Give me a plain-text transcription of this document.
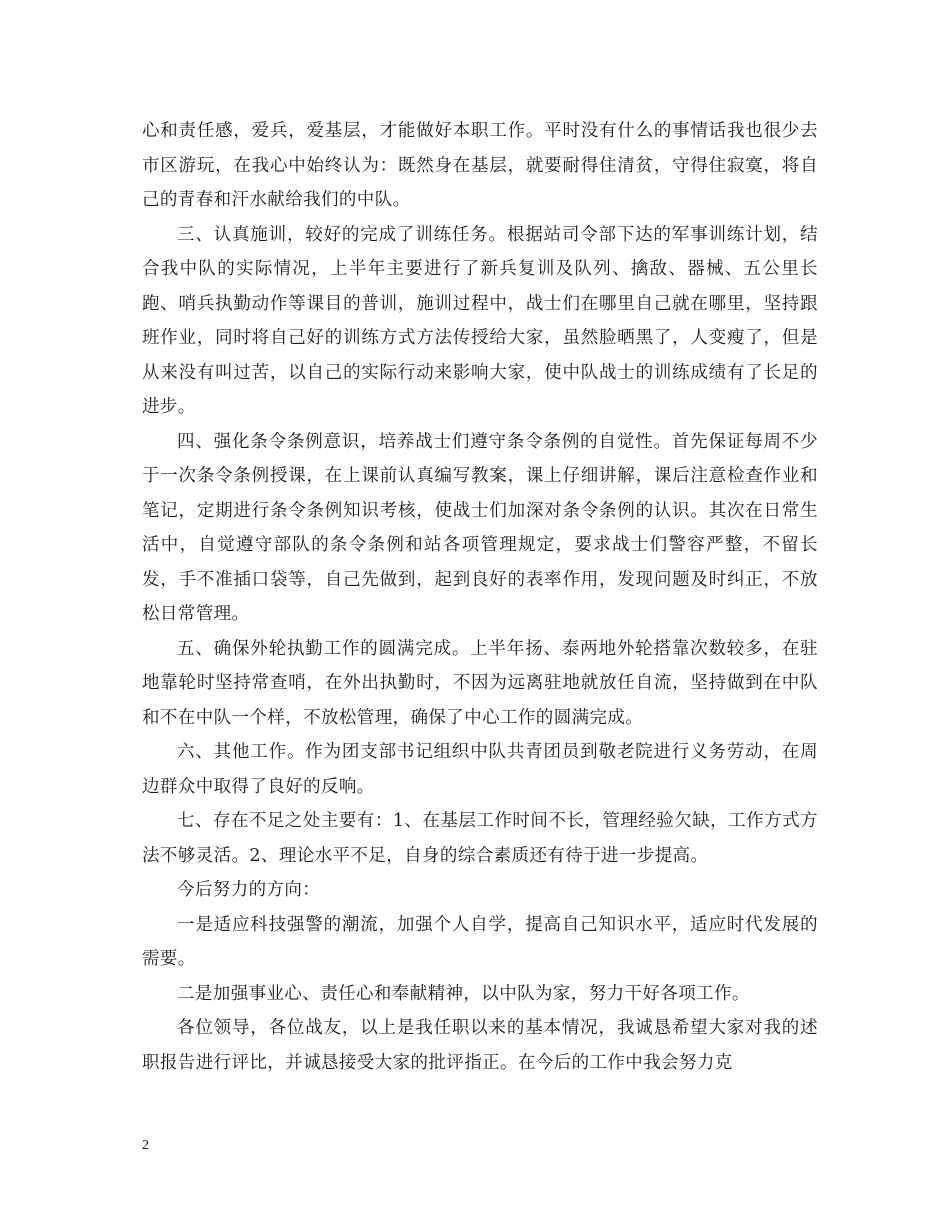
心和责任感，爱兵，爱基层，才能做好本职工作。平时没有什么的事情话我也很少去市区游玩，在我心中始终认为：既然身在基层，就要耐得住清贫，守得住寂寞，将自己的青春和汗水献给我们的中队。

三、认真施训，较好的完成了训练任务。根据站司令部下达的军事训练计划，结合我中队的实际情况，上半年主要进行了新兵复训及队列、擒敌、器械、五公里长跑、哨兵执勤动作等课目的普训，施训过程中，战士们在哪里自己就在哪里，坚持跟班作业，同时将自己好的训练方式方法传授给大家，虽然脸晒黑了，人变瘦了，但是从来没有叫过苦，以自己的实际行动来影响大家，使中队战士的训练成绩有了长足的进步。

四、强化条令条例意识，培养战士们遵守条令条例的自觉性。首先保证每周不少于一次条令条例授课，在上课前认真编写教案，课上仔细讲解，课后注意检查作业和笔记，定期进行条令条例知识考核，使战士们加深对条令条例的认识。其次在日常生活中，自觉遵守部队的条令条例和站各项管理规定，要求战士们警容严整，不留长发，手不准插口袋等，自己先做到，起到良好的表率作用，发现问题及时纠正，不放松日常管理。

五、确保外轮执勤工作的圆满完成。上半年扬、泰两地外轮搭靠次数较多，在驻地靠轮时坚持常查哨，在外出执勤时，不因为远离驻地就放任自流，坚持做到在中队和不在中队一个样，不放松管理，确保了中心工作的圆满完成。

六、其他工作。作为团支部书记组织中队共青团员到敬老院进行义务劳动，在周边群众中取得了良好的反响。

七、存在不足之处主要有：1、在基层工作时间不长，管理经验欠缺，工作方式方法不够灵活。2、理论水平不足，自身的综合素质还有待于进一步提高。

今后努力的方向：

一是适应科技强警的潮流，加强个人自学，提高自己知识水平，适应时代发展的需要。

二是加强事业心、责任心和奉献精神，以中队为家，努力干好各项工作。

各位领导，各位战友，以上是我任职以来的基本情况，我诚恳希望大家对我的述职报告进行评比，并诚恳接受大家的批评指正。在今后的工作中我会努力克

2
